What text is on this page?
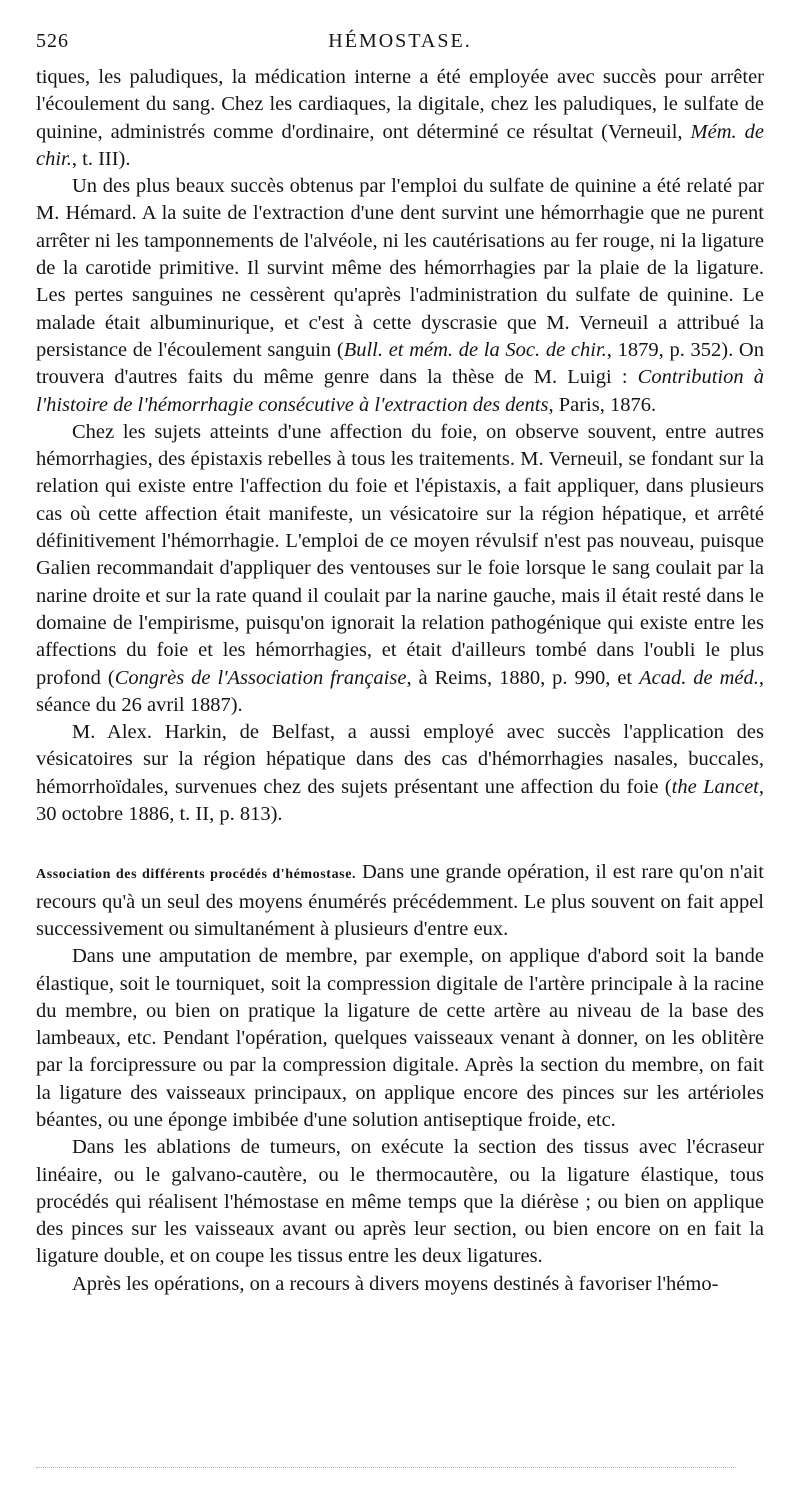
526	HÉMOSTASE.

tiques, les paludiques, la médication interne a été employée avec succès pour arrêter l'écoulement du sang. Chez les cardiaques, la digitale, chez les paludiques, le sulfate de quinine, administrés comme d'ordinaire, ont déterminé ce résultat (Verneuil, Mém. de chir., t. III).

Un des plus beaux succès obtenus par l'emploi du sulfate de quinine a été relaté par M. Hémard. A la suite de l'extraction d'une dent survint une hémorrhagie que ne purent arrêter ni les tamponnements de l'alvéole, ni les cautérisations au fer rouge, ni la ligature de la carotide primitive. Il survint même des hémorrhagies par la plaie de la ligature. Les pertes sanguines ne cessèrent qu'après l'administration du sulfate de quinine. Le malade était albuminurique, et c'est à cette dyscrasie que M. Verneuil a attribué la persistance de l'écoulement sanguin (Bull. et mém. de la Soc. de chir., 1879, p. 352). On trouvera d'autres faits du même genre dans la thèse de M. Luigi : Contribution à l'histoire de l'hémorrhagie consécutive à l'extraction des dents, Paris, 1876.

Chez les sujets atteints d'une affection du foie, on observe souvent, entre autres hémorrhagies, des épistaxis rebelles à tous les traitements. M. Verneuil, se fondant sur la relation qui existe entre l'affection du foie et l'épistaxis, a fait appliquer, dans plusieurs cas où cette affection était manifeste, un vésicatoire sur la région hépatique, et arrêté définitivement l'hémorrhagie. L'emploi de ce moyen révulsif n'est pas nouveau, puisque Galien recommandait d'appliquer des ventouses sur le foie lorsque le sang coulait par la narine droite et sur la rate quand il coulait par la narine gauche, mais il était resté dans le domaine de l'empirisme, puisqu'on ignorait la relation pathogénique qui existe entre les affections du foie et les hémorrhagies, et était d'ailleurs tombé dans l'oubli le plus profond (Congrès de l'Association française, à Reims, 1880, p. 990, et Acad. de méd., séance du 26 avril 1887).

M. Alex. Harkin, de Belfast, a aussi employé avec succès l'application des vésicatoires sur la région hépatique dans des cas d'hémorrhagies nasales, buccales, hémorrhoïdales, survenues chez des sujets présentant une affection du foie (the Lancet, 30 octobre 1886, t. II, p. 813).

Association des différents procédés d'hémostase. Dans une grande opération, il est rare qu'on n'ait recours qu'à un seul des moyens énumérés précédemment. Le plus souvent on fait appel successivement ou simultanément à plusieurs d'entre eux.

Dans une amputation de membre, par exemple, on applique d'abord soit la bande élastique, soit le tourniquet, soit la compression digitale de l'artère principale à la racine du membre, ou bien on pratique la ligature de cette artère au niveau de la base des lambeaux, etc. Pendant l'opération, quelques vaisseaux venant à donner, on les oblitère par la forcipressure ou par la compression digitale. Après la section du membre, on fait la ligature des vaisseaux principaux, on applique encore des pinces sur les artérioles béantes, ou une éponge imbibée d'une solution antiseptique froide, etc.

Dans les ablations de tumeurs, on exécute la section des tissus avec l'écraseur linéaire, ou le galvano-cautère, ou le thermocautère, ou la ligature élastique, tous procédés qui réalisent l'hémostase en même temps que la diérèse ; ou bien on applique des pinces sur les vaisseaux avant ou après leur section, ou bien encore on en fait la ligature double, et on coupe les tissus entre les deux ligatures.

Après les opérations, on a recours à divers moyens destinés à favoriser l'hémo-
